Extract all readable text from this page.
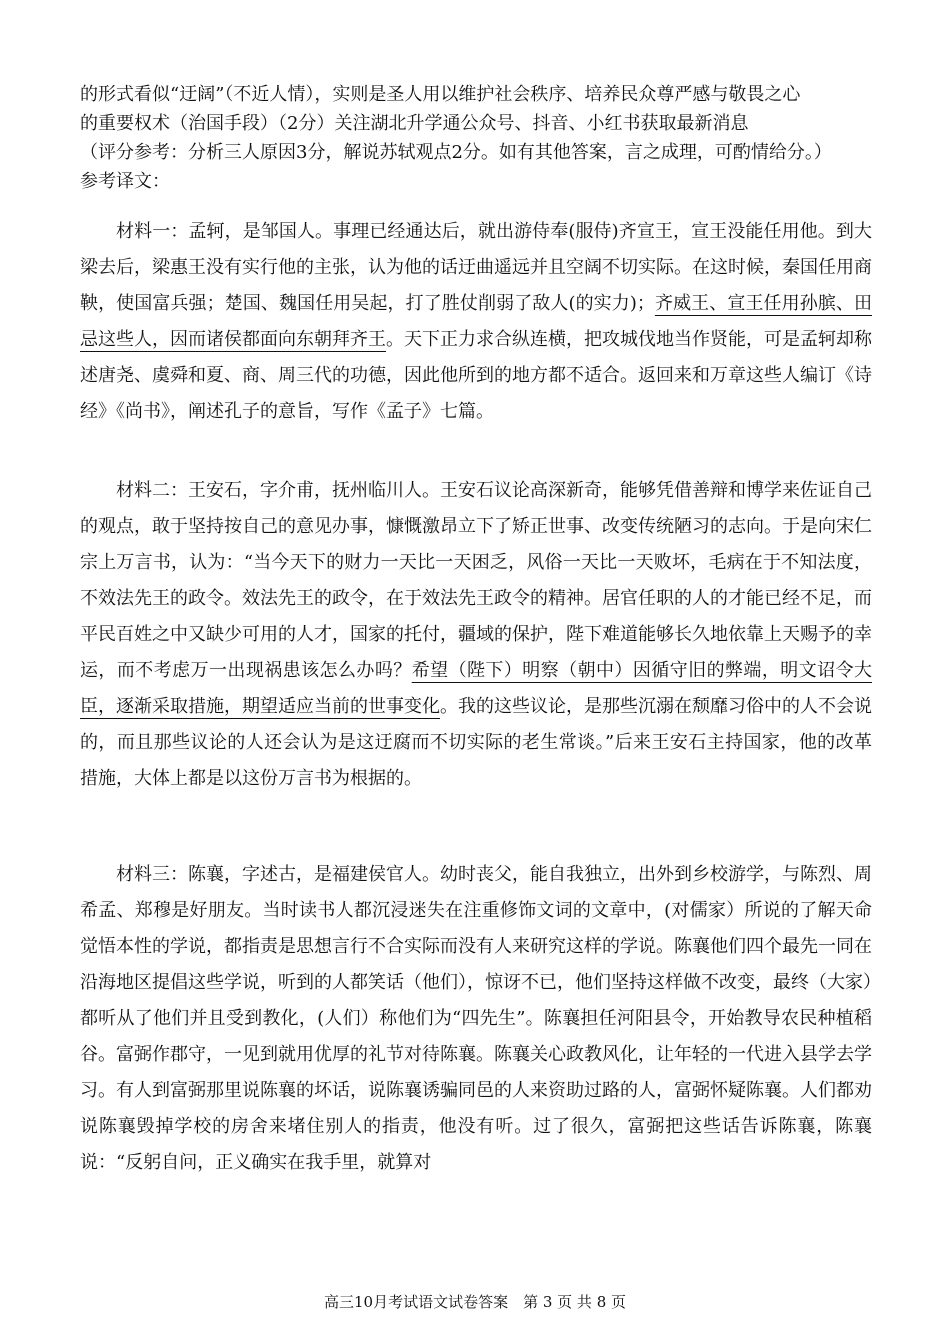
的形式看似“迂阔”（不近人情），实则是圣人用以维护社会秩序、培养民众尊严感与敬畏之心

的重要权术（治国手段）（2分）关注湖北升学通公众号、抖音、小红书获取最新消息

（评分参考：分析三人原因3分，解说苏轼观点2分。如有其他答案，言之成理，可酌情给分。）

参考译文：

材料一：孟轲，是邹国人。事理已经通达后，就出游侍奉(服侍)齐宣王，宣王没能任用他。到大梁去后，梁惠王没有实行他的主张，认为他的话迂曲遥远并且空阔不切实际。在这时候，秦国任用商鞅，使国富兵强；楚国、魏国任用吴起，打了胜仗削弱了敌人(的实力)；齐威王、宣王任用孙膑、田忌这些人，因而诸侯都面向东朝拜齐王。天下正力求合纵连横，把攻城伐地当作贤能，可是孟轲却称述唐尧、虞舜和夏、商、周三代的功德，因此他所到的地方都不适合。返回来和万章这些人编订《诗经》《尚书》，阐述孔子的意旨，写作《孟子》七篇。

材料二：王安石，字介甫，抚州临川人。王安石议论高深新奇，能够凭借善辩和博学来佐证自己的观点，敢于坚持按自己的意见办事，慷慨激昂立下了矫正世事、改变传统陋习的志向。于是向宋仁宗上万言书，认为：“当今天下的财力一天比一天困乏，风俗一天比一天败坏，毛病在于不知法度，不效法先王的政令。效法先王的政令，在于效法先王政令的精神。居官任职的人的才能已经不足，而平民百姓之中又缺少可用的人才，国家的托付，疆域的保护，陛下难道能够长久地依靠上天赐予的幸运，而不考虑万一出现祸患该怎么办吗？希望（陛下）明察（朝中）因循守旧的弊端，明文诏令大臣，逐渐采取措施，期望适应当前的世事变化。我的这些议论，是那些沉溺在颓靡习俗中的人不会说的，而且那些议论的人还会认为是这迂腐而不切实际的老生常谈。”后来王安石主持国家，他的改革措施，大体上都是以这份万言书为根据的。

材料三：陈襄，字述古，是福建侯官人。幼时丧父，能自我独立，出外到乡校游学，与陈烈、周希孟、郑穆是好朋友。当时读书人都沉浸迷失在注重修饰文词的文章中，(对儒家）所说的了解天命觉悟本性的学说，都指责是思想言行不合实际而没有人来研究这样的学说。陈襄他们四个最先一同在沿海地区提倡这些学说，听到的人都笑话（他们），惊讶不已，他们坚持这样做不改变，最终（大家）都听从了他们并且受到教化，(人们）称他们为“四先生”。陈襄担任河阳县令，开始教导农民种植稻谷。富弼作郡守，一见到就用优厚的礼节对待陈襄。陈襄关心政教风化，让年轻的一代进入县学去学习。有人到富弼那里说陈襄的坏话，说陈襄诱骗同邑的人来资助过路的人，富弼怀疑陈襄。人们都劝说陈襄毁掉学校的房舍来堵住别人的指责，他没有听。过了很久，富弼把这些话告诉陈襄，陈襄说：“反躬自问，正义确实在我手里，就算对

高三10月考试语文试卷答案　第 3 页 共 8 页
